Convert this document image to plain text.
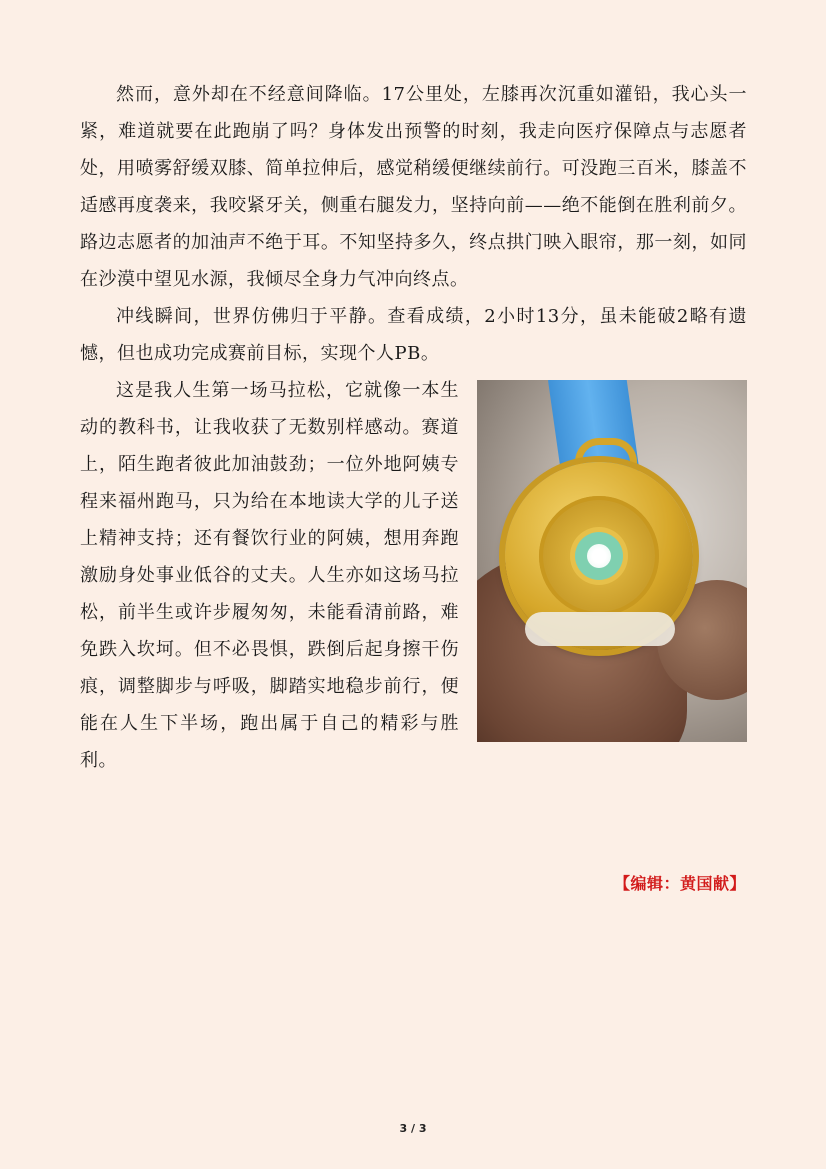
然而，意外却在不经意间降临。17公里处，左膝再次沉重如灌铅，我心头一紧，难道就要在此跑崩了吗？身体发出预警的时刻，我走向医疗保障点与志愿者处，用喷雾舒缓双膝、简单拉伸后，感觉稍缓便继续前行。可没跑三百米，膝盖不适感再度袭来，我咬紧牙关，侧重右腿发力，坚持向前——绝不能倒在胜利前夕。路边志愿者的加油声不绝于耳。不知坚持多久，终点拱门映入眼帘，那一刻，如同在沙漠中望见水源，我倾尽全身力气冲向终点。

冲线瞬间，世界仿佛归于平静。查看成绩，2小时13分，虽未能破2略有遗憾，但也成功完成赛前目标，实现个人PB。

这是我人生第一场马拉松，它就像一本生动的教科书，让我收获了无数别样感动。赛道上，陌生跑者彼此加油鼓劲；一位外地阿姨专程来福州跑马，只为给在本地读大学的儿子送上精神支持；还有餐饮行业的阿姨，想用奔跑激励身处事业低谷的丈夫。人生亦如这场马拉松，前半生或许步履匆匆，未能看清前路，难免跌入坎坷。但不必畏惧，跌倒后起身擦干伤痕，调整脚步与呼吸，脚踏实地稳步前行，便能在人生下半场，跑出属于自己的精彩与胜利。

【编辑：黄国献】
3 / 3
